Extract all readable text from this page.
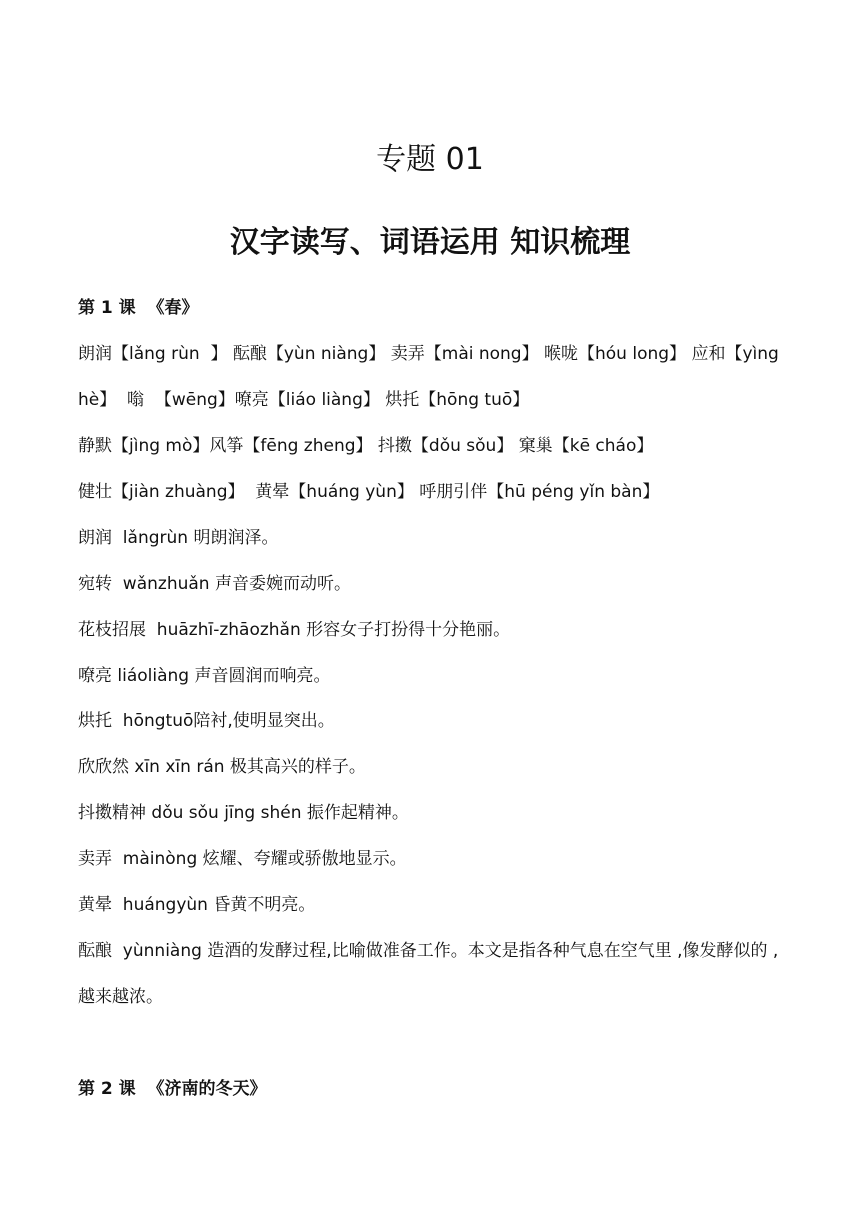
专题 01
汉字读写、词语运用 知识梳理
第 1 课  《春》
朗润【lǎng rùn  】 酝酿【yùn niàng】 卖弄【mài nong】 喉咙【hóu long】 应和【yìng
hè】  嗡  【wēng】嘹亮【liáo liàng】 烘托【hōng tuō】
静默【jìng mò】风筝【fēng zheng】 抖擞【dǒu sǒu】 窠巢【kē cháo】
健壮【jiàn zhuàng】  黄晕【huáng yùn】 呼朋引伴【hū péng yǐn bàn】
朗润  lǎngrùn 明朗润泽。
宛转  wǎnzhuǎn 声音委婉而动听。
花枝招展  huāzhī-zhāozhǎn 形容女子打扮得十分艳丽。
嘹亮 liáoliàng 声音圆润而响亮。
烘托  hōngtuō陪衬,使明显突出。
欣欣然 xīn xīn rán 极其高兴的样子。
抖擞精神 dǒu sǒu jīng shén 振作起精神。
卖弄  màinòng 炫耀、夸耀或骄傲地显示。
黄晕  huángyùn 昏黄不明亮。
酝酿  yùnniàng 造酒的发酵过程,比喻做准备工作。本文是指各种气息在空气里 ,像发酵似的 ,
越来越浓。
第 2 课  《济南的冬天》
